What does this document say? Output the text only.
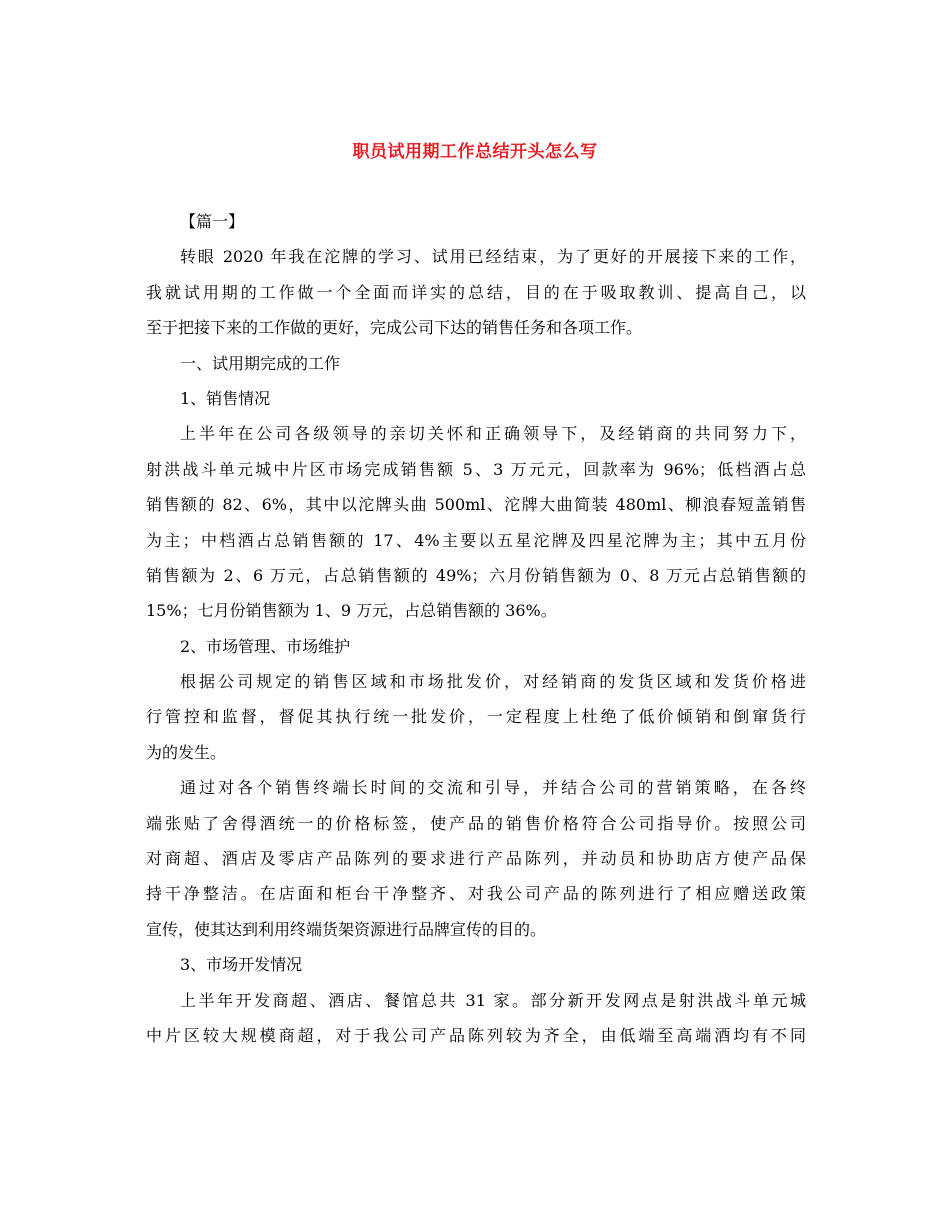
职员试用期工作总结开头怎么写
【篇一】
转眼 2020 年我在沱牌的学习、试用已经结束，为了更好的开展接下来的工作，
我就试用期的工作做一个全面而详实的总结，目的在于吸取教训、提高自己，以
至于把接下来的工作做的更好，完成公司下达的销售任务和各项工作。
一、试用期完成的工作
1、销售情况
上半年在公司各级领导的亲切关怀和正确领导下，及经销商的共同努力下，
射洪战斗单元城中片区市场完成销售额 5、3 万元元，回款率为 96%；低档酒占总
销售额的 82、6%，其中以沱牌头曲 500ml、沱牌大曲简装 480ml、柳浪春短盖销售
为主；中档酒占总销售额的 17、4%主要以五星沱牌及四星沱牌为主；其中五月份
销售额为 2、6 万元，占总销售额的 49%；六月份销售额为 0、8 万元占总销售额的
15%；七月份销售额为 1、9 万元，占总销售额的 36%。
2、市场管理、市场维护
根据公司规定的销售区域和市场批发价，对经销商的发货区域和发货价格进
行管控和监督，督促其执行统一批发价，一定程度上杜绝了低价倾销和倒窜货行
为的发生。
通过对各个销售终端长时间的交流和引导，并结合公司的营销策略，在各终
端张贴了舍得酒统一的价格标签，使产品的销售价格符合公司指导价。按照公司
对商超、酒店及零店产品陈列的要求进行产品陈列，并动员和协助店方使产品保
持干净整洁。在店面和柜台干净整齐、对我公司产品的陈列进行了相应赠送政策
宣传，使其达到利用终端货架资源进行品牌宣传的目的。
3、市场开发情况
上半年开发商超、酒店、餐馆总共 31 家。部分新开发网点是射洪战斗单元城
中片区较大规模商超，对于我公司产品陈列较为齐全，由低端至高端酒均有不同
